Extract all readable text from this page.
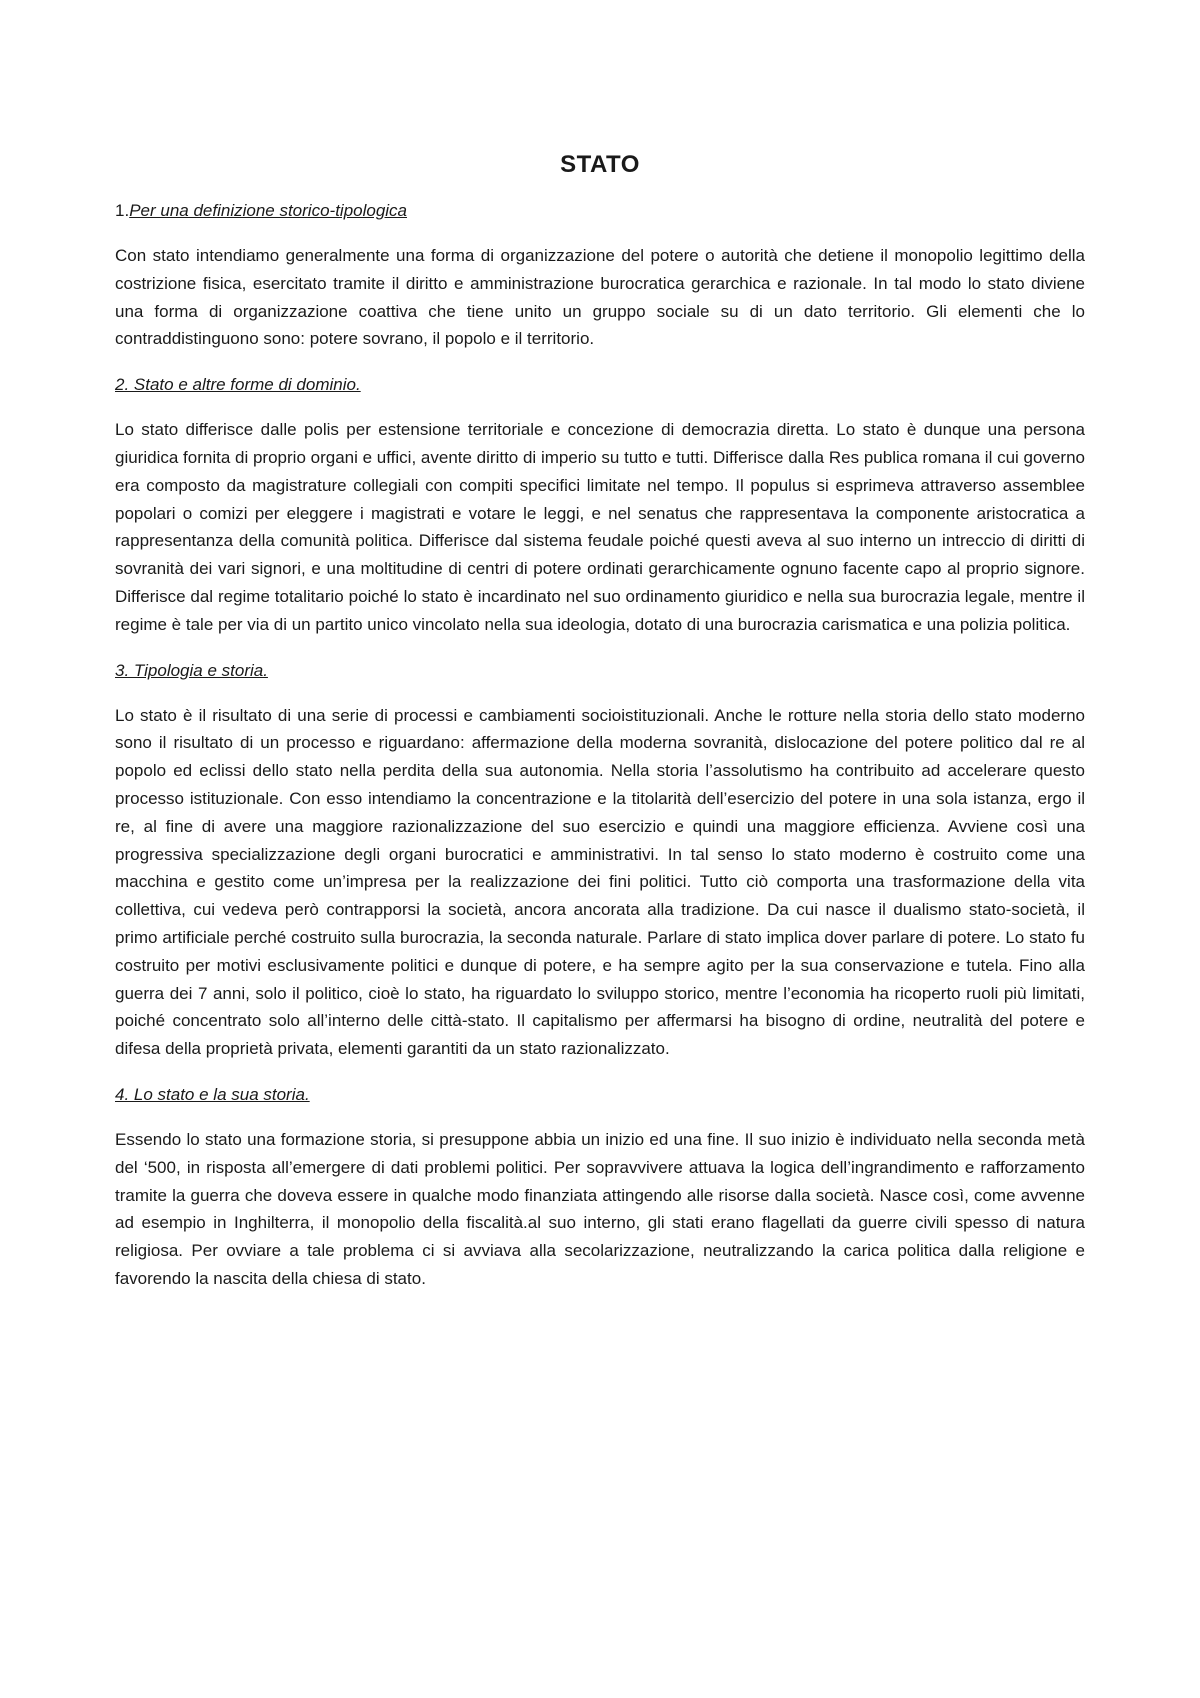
STATO
1.Per una definizione storico-tipologica

Con stato intendiamo generalmente una forma di organizzazione del potere o autorità che detiene il monopolio legittimo della costrizione fisica, esercitato tramite il diritto e amministrazione burocratica gerarchica e razionale. In tal modo lo stato diviene una forma di organizzazione coattiva che tiene unito un gruppo sociale su di un dato territorio. Gli elementi che lo contraddistinguono sono: potere sovrano, il popolo e il territorio.

2. Stato e altre forme di dominio.

Lo stato differisce dalle polis per estensione territoriale e concezione di democrazia diretta. Lo stato è dunque una persona giuridica fornita di proprio organi e uffici, avente diritto di imperio su tutto e tutti. Differisce dalla Res publica romana il cui governo era composto da magistrature collegiali con compiti specifici limitate nel tempo. Il populus si esprimeva attraverso assemblee popolari o comizi per eleggere i magistrati e votare le leggi, e nel senatus che rappresentava la componente aristocratica a rappresentanza della comunità politica. Differisce dal sistema feudale poiché questi aveva al suo interno un intreccio di diritti di sovranità dei vari signori, e una moltitudine di centri di potere ordinati gerarchicamente ognuno facente capo al proprio signore. Differisce dal regime totalitario poiché lo stato è incardinato nel suo ordinamento giuridico e nella sua burocrazia legale, mentre il regime è tale per via di un partito unico vincolato nella sua ideologia, dotato di una burocrazia carismatica e una polizia politica.

3. Tipologia e storia.

Lo stato è il risultato di una serie di processi e cambiamenti socioistituzionali. Anche le rotture nella storia dello stato moderno sono il risultato di un processo e riguardano: affermazione della moderna sovranità, dislocazione del potere politico dal re al popolo ed eclissi dello stato nella perdita della sua autonomia. Nella storia l’assolutismo ha contribuito ad accelerare questo processo istituzionale. Con esso intendiamo la concentrazione e la titolarità dell’esercizio del potere in una sola istanza, ergo il re, al fine di avere una maggiore razionalizzazione del suo esercizio e quindi una maggiore efficienza. Avviene così una progressiva specializzazione degli organi burocratici e amministrativi. In tal senso lo stato moderno è costruito come una macchina e gestito come un’impresa per la realizzazione dei fini politici. Tutto ciò comporta una trasformazione della vita collettiva, cui vedeva però contrapporsi la società, ancora ancorata alla tradizione. Da cui nasce il dualismo stato-società, il primo artificiale perché costruito sulla burocrazia, la seconda naturale. Parlare di stato implica dover parlare di potere. Lo stato fu costruito per motivi esclusivamente politici e dunque di potere, e ha sempre agito per la sua conservazione e tutela. Fino alla guerra dei 7 anni, solo il politico, cioè lo stato, ha riguardato lo sviluppo storico, mentre l’economia ha ricoperto ruoli più limitati, poiché concentrato solo all’interno delle città-stato. Il capitalismo per affermarsi ha bisogno di ordine, neutralità del potere e difesa della proprietà privata, elementi garantiti da un stato razionalizzato.

4. Lo stato e la sua storia.

Essendo lo stato una formazione storia, si presuppone abbia un inizio ed una fine. Il suo inizio è individuato nella seconda metà del ‘500, in risposta all’emergere di dati problemi politici. Per sopravvivere attuava la logica dell’ingrandimento e rafforzamento tramite la guerra che doveva essere in qualche modo finanziata attingendo alle risorse dalla società. Nasce così, come avvenne ad esempio in Inghilterra, il monopolio della fiscalità.al suo interno, gli stati erano flagellati da guerre civili spesso di natura religiosa. Per ovviare a tale problema ci si avviava alla secolarizzazione, neutralizzando la carica politica dalla religione e favorendo la nascita della chiesa di stato.
